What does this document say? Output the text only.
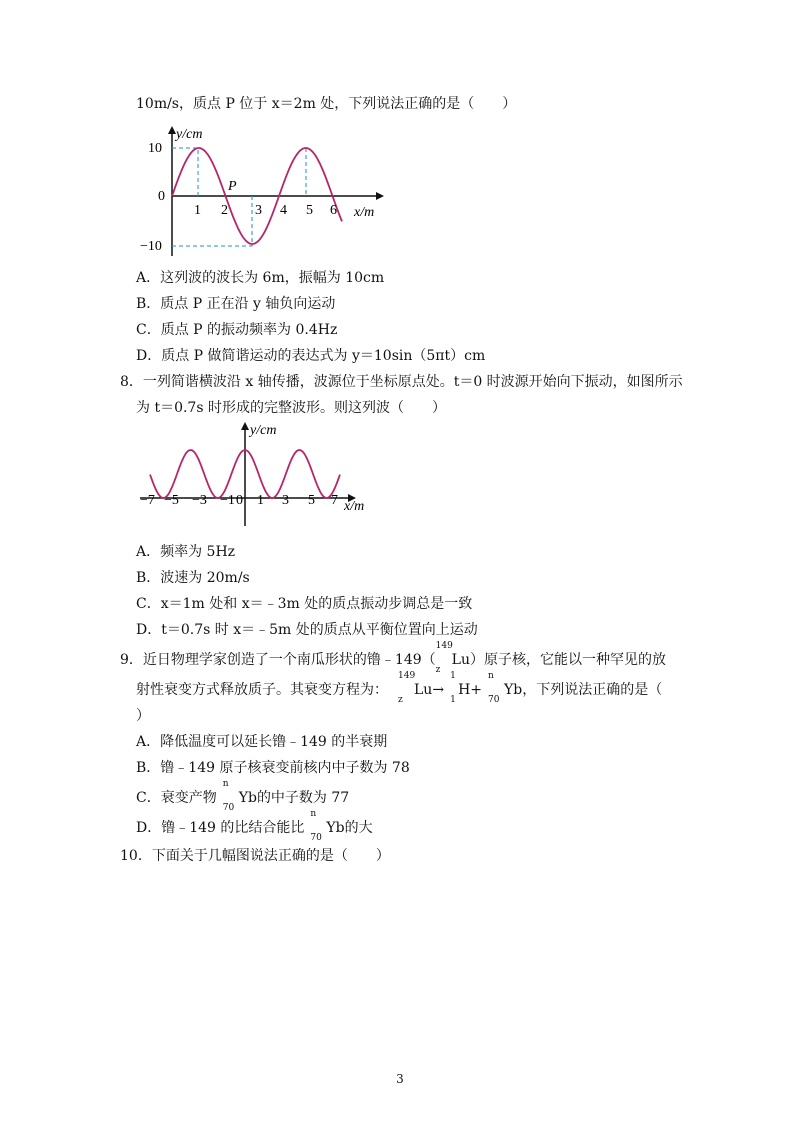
10m/s，质点 P 位于 x＝2m 处，下列说法正确的是（　　）
y/cm
10
0
−10
P
1 2 3 4 5 6 x/m
A．这列波的波长为 6m，振幅为 10cm
B．质点 P 正在沿 y 轴负向运动
C．质点 P 的振动频率为 0.4Hz
D．质点 P 做简谐运动的表达式为 y＝10sin（5πt）cm
8．一列简谐横波沿 x 轴传播，波源位于坐标原点处。t＝0 时波源开始向下振动，如图所示
为 t＝0.7s 时形成的完整波形。则这列波（　　）
y/cm
−7 −5 −3 −1 0 1 3 5 7 x/m
A．频率为 5Hz
B．波速为 20m/s
C．x＝1m 处和 x＝﹣3m 处的质点振动步调总是一致
D．t＝0.7s 时 x＝﹣5m 处的质点从平衡位置向上运动
9．近日物理学家创造了一个南瓜形状的镥﹣149（
149
z
Lu）原子核，它能以一种罕见的放
射性衰变方式释放质子。其衰变方程为：
149
z
Lu→
1
1
H+
n
70
Yb，下列说法正确的是（
）
A．降低温度可以延长镥﹣149 的半衰期
B．镥﹣149 原子核衰变前核内中子数为 78
C．衰变产物
n
70
Yb的中子数为 77
D．镥﹣149 的比结合能比
n
70
Yb的大
10．下面关于几幅图说法正确的是（　　）
3
